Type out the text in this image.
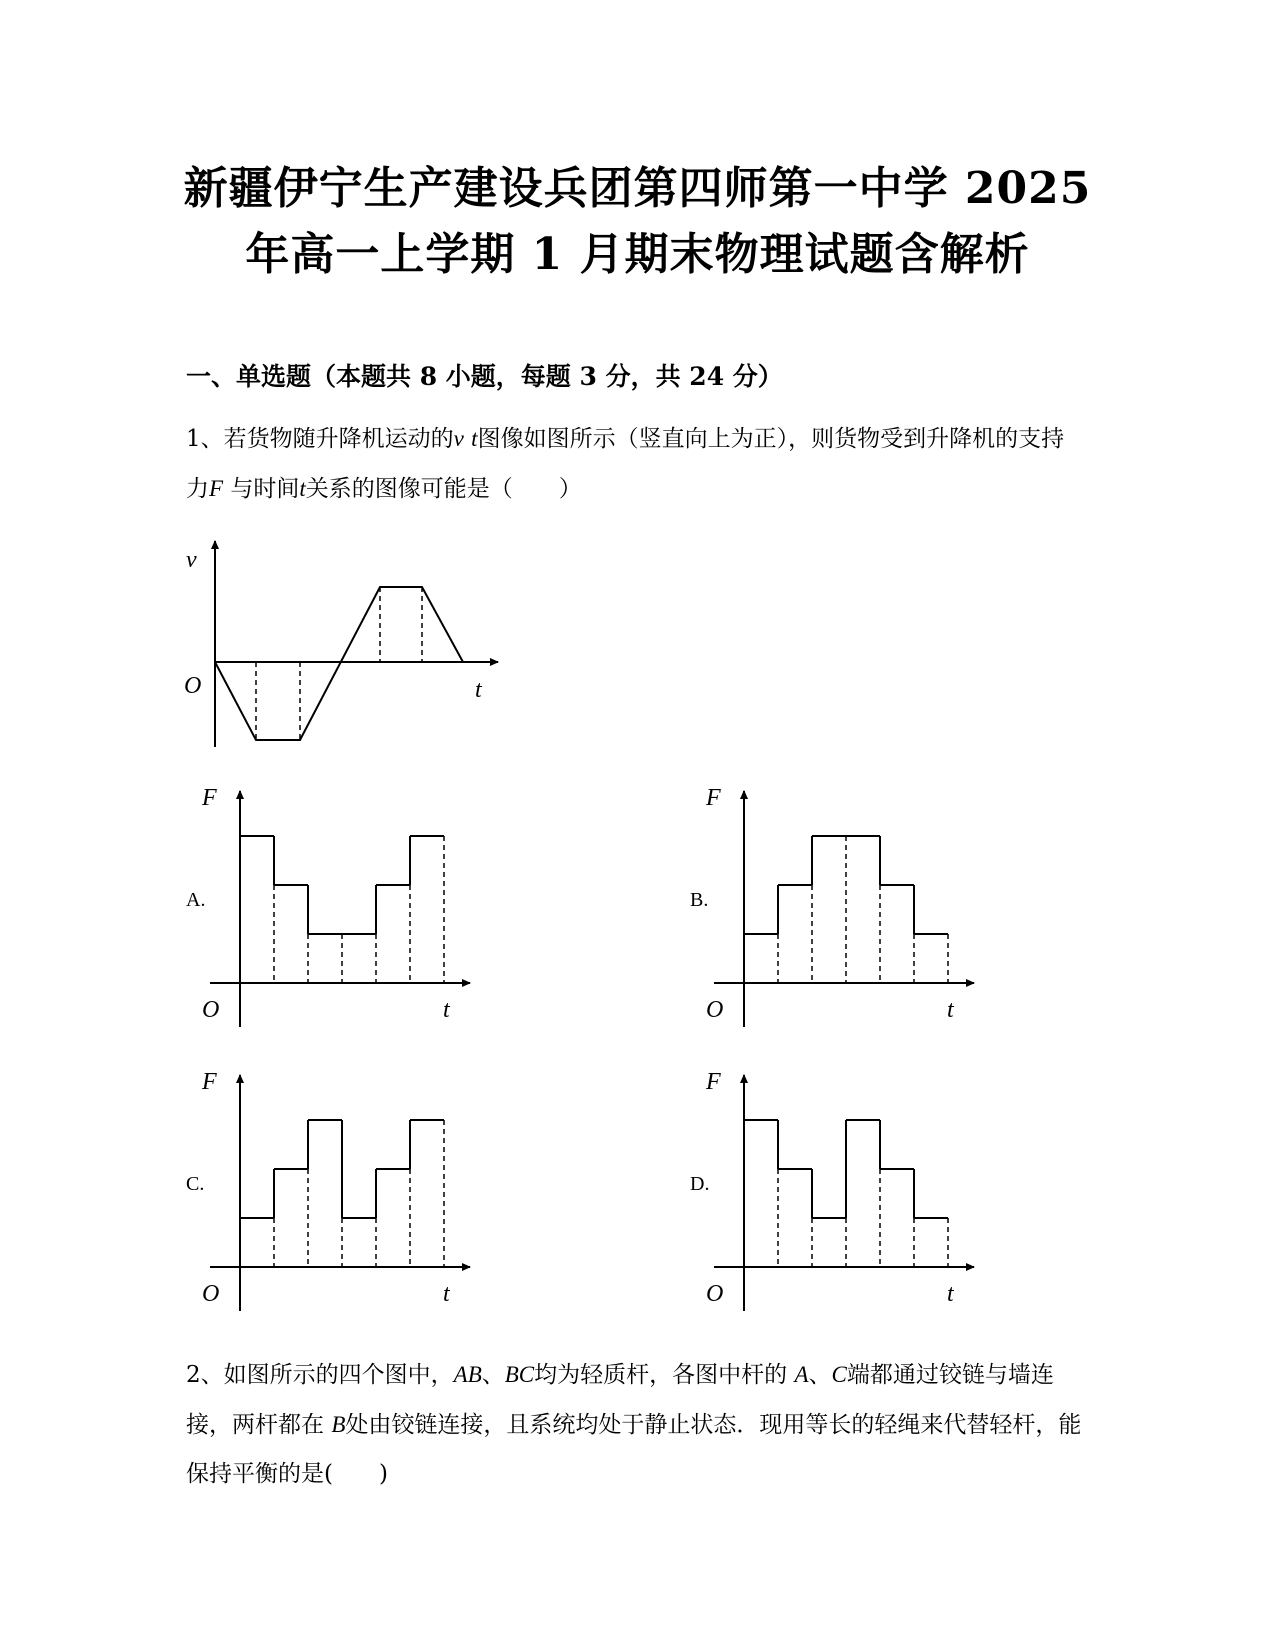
新疆伊宁生产建设兵团第四师第一中学 2025
年高一上学期 1 月期末物理试题含解析
一、单选题（本题共 8 小题，每题 3 分，共 24 分）
1、若货物随升降机运动的v t图像如图所示（竖直向上为正），则货物受到升降机的支持力F 与时间t关系的图像可能是（　　）
v
O	t
A.
F
O	t
B.
F
O	t
C.
F
O	t
D.
F
O	t
2、如图所示的四个图中，AB、BC均为轻质杆，各图中杆的 A、C端都通过铰链与墙连接，两杆都在 B处由铰链连接，且系统均处于静止状态．现用等长的轻绳来代替轻杆，能保持平衡的是(　　)
